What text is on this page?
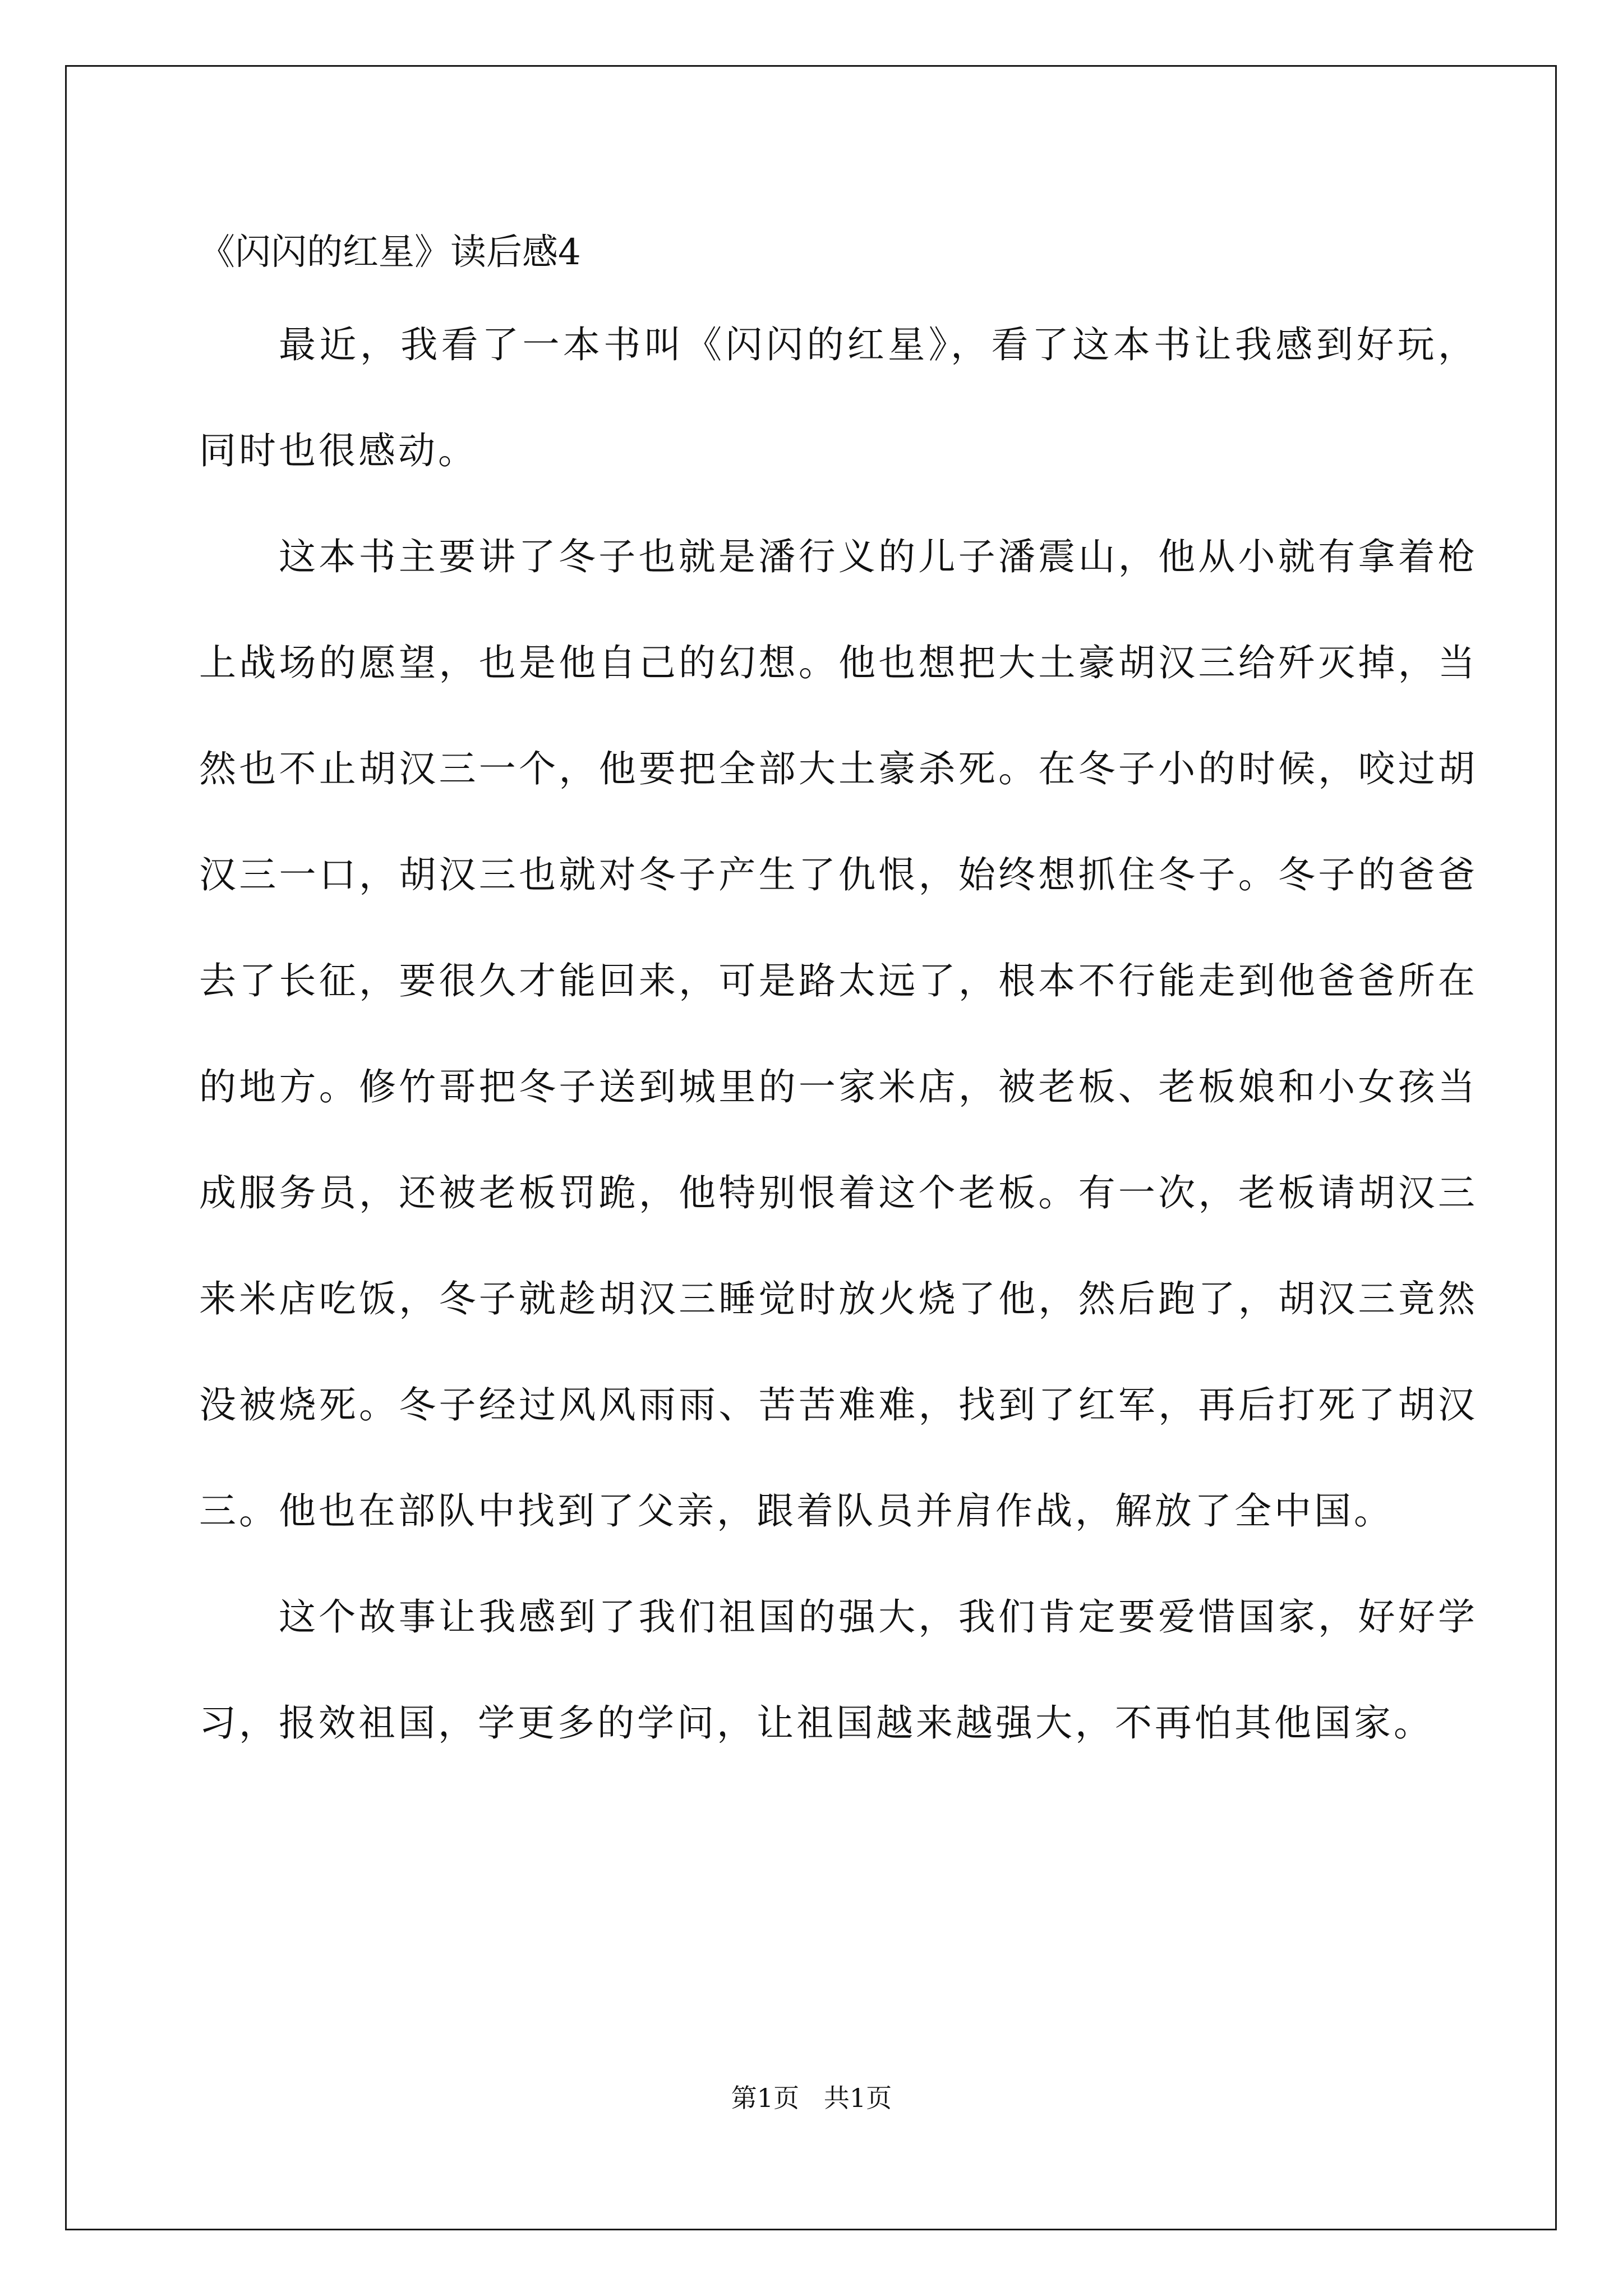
《闪闪的红星》读后感4

最近，我看了一本书叫《闪闪的红星》，看了这本书让我感到好玩，同时也很感动。

这本书主要讲了冬子也就是潘行义的儿子潘震山，他从小就有拿着枪上战场的愿望，也是他自己的幻想。他也想把大土豪胡汉三给歼灭掉，当然也不止胡汉三一个，他要把全部大土豪杀死。在冬子小的时候，咬过胡汉三一口，胡汉三也就对冬子产生了仇恨，始终想抓住冬子。冬子的爸爸去了长征，要很久才能回来，可是路太远了，根本不行能走到他爸爸所在的地方。修竹哥把冬子送到城里的一家米店，被老板、老板娘和小女孩当成服务员，还被老板罚跪，他特别恨着这个老板。有一次，老板请胡汉三来米店吃饭，冬子就趁胡汉三睡觉时放火烧了他，然后跑了，胡汉三竟然没被烧死。冬子经过风风雨雨、苦苦难难，找到了红军，再后打死了胡汉三。他也在部队中找到了父亲，跟着队员并肩作战，解放了全中国。

这个故事让我感到了我们祖国的强大，我们肯定要爱惜国家，好好学习，报效祖国，学更多的学问，让祖国越来越强大，不再怕其他国家。

第1页   共1页
